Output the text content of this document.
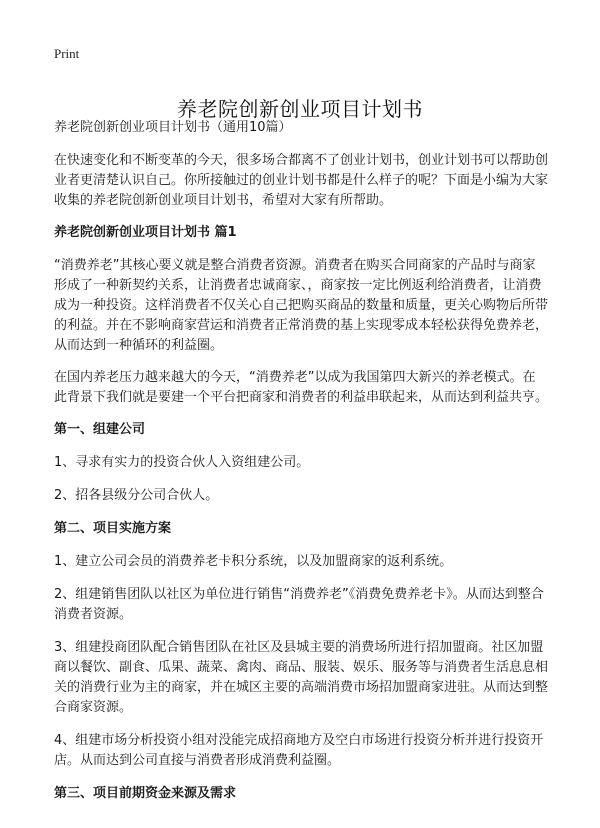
Print
养老院创新创业项目计划书

养老院创新创业项目计划书（通用10篇）

在快速变化和不断变革的今天，很多场合都离不了创业计划书，创业计划书可以帮助创业者更清楚认识自己。你所接触过的创业计划书都是什么样子的呢？下面是小编为大家收集的养老院创新创业项目计划书，希望对大家有所帮助。

养老院创新创业项目计划书 篇1

“消费养老”其核心要义就是整合消费者资源。消费者在购买合同商家的产品时与商家形成了一种新契约关系，让消费者忠诚商家、，商家按一定比例返利给消费者，让消费成为一种投资。这样消费者不仅关心自己把购买商品的数量和质量，更关心购物后所带的利益。并在不影响商家营运和消费者正常消费的基上实现零成本轻松获得免费养老，从而达到一种循环的利益圈。

在国内养老压力越来越大的今天，“消费养老”以成为我国第四大新兴的养老模式。在此背景下我们就是要建一个平台把商家和消费者的利益串联起来，从而达到利益共亨。

第一、组建公司

1、寻求有实力的投资合伙人入资组建公司。

2、招各县级分公司合伙人。

第二、项目实施方案

1、建立公司会员的消费养老卡积分系统，以及加盟商家的返利系统。

2、组建销售团队以社区为单位进行销售“消费养老”《消费免费养老卡》。从而达到整合消费者资源。

3、组建投商团队配合销售团队在社区及县城主要的消费场所进行招加盟商。社区加盟商以餐饮、副食、瓜果、蔬菜、禽肉、商品、服装、娱乐、服务等与消费者生活息息相关的消费行业为主的商家，并在城区主要的高端消费市场招加盟商家进驻。从而达到整合商家资源。

4、组建市场分析投资小组对没能完成招商地方及空白市场进行投资分析并进行投资开店。从而达到公司直接与消费者形成消费利益圈。

第三、项目前期资金来源及需求
